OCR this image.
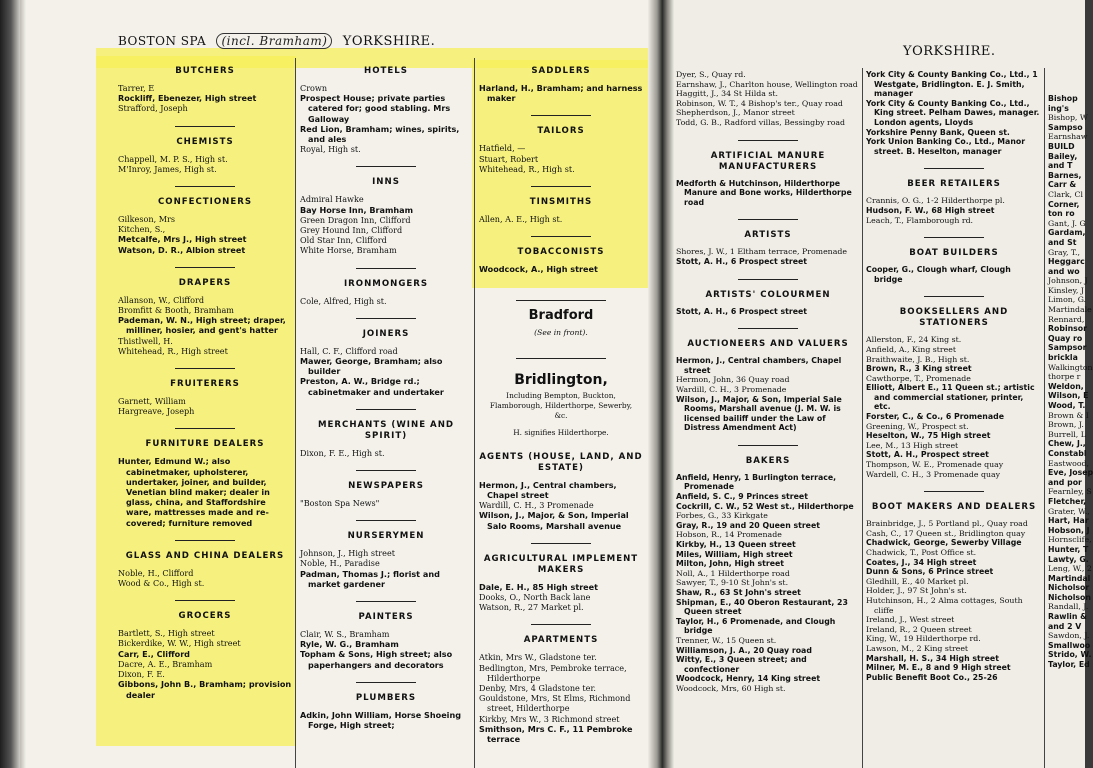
BOSTON SPA (incl. Bramham) YORKSHIRE.
BUTCHERS
Tarrer, E
Rockliff, Ebenezer, High street
Strafford, Joseph
CHEMISTS
Chappell, M. P. S., High st.
M'Inroy, James, High st.
CONFECTIONERS
Gilkeson, Mrs
Kitchen, S.,
Metcalfe, Mrs J., High street
Watson, D. R., Albion street
DRAPERS
Allanson, W., Clifford
Bromfitt & Booth, Bramham
Pademan, W. N., High street; draper, milliner, hosier, and gent's hatter
Thistlwell, H.
Whitehead, R., High street
FRUITERERS
Garnett, William
Hargreave, Joseph
FURNITURE DEALERS
Hunter, Edmund W.; also cabinetmaker, upholsterer, undertaker, joiner, and builder, Venetian blind maker; dealer in glass, china, and Staffordshire ware, mattresses made and re-covered; furniture removed
GLASS AND CHINA DEALERS
Noble, H., Clifford
Wood & Co., High st.
GROCERS
Bartlett, S., High street
Bickerdike, W. W., High street
Carr, E., Clifford
Dacre, A. E., Bramham
Dixon, F. E.
Gibbons, John B., Bramham; provision dealer
HOTELS
Crown
Prospect House; private parties catered for; good stabling. Mrs Galloway
Red Lion, Bramham; wines, spirits, and ales
Royal, High st.
INNS
Admiral Hawke
Bay Horse Inn, Bramham
Green Dragon Inn, Clifford
Grey Hound Inn, Clifford
Old Star Inn, Clifford
White Horse, Bramham
IRONMONGERS
Cole, Alfred, High st.
JOINERS
Hall, C. F., Clifford road
Mawer, George, Bramham; also builder
Preston, A. W., Bridge rd.; cabinetmaker and undertaker
MERCHANTS (WINE AND SPIRIT)
Dixon, F. E., High st.
NEWSPAPERS
"Boston Spa News"
NURSERYMEN
Johnson, J., High street
Noble, H., Paradise
Padman, Thomas J.; florist and market gardener
PAINTERS
Clair, W. S., Bramham
Ryle, W. G., Bramham
Topham & Sons, High street; also paperhangers and decorators
PLUMBERS
Adkin, John William, Horse Shoeing Forge, High street;
SADDLERS
Harland, H., Bramham; and harness maker
TAILORS
Hatfield, —
Stuart, Robert
Whitehead, R., High st.
TINSMITHS
Allen, A. E., High st.
TOBACCONISTS
Woodcock, A., High street
Bradford
(See in front).
Bridlington,
Including Bempton, Buckton, Flamborough, Hilderthorpe, Sewerby, &c.
H. signifies Hilderthorpe.
AGENTS (HOUSE, LAND, AND ESTATE)
Hermon, J., Central chambers, Chapel street
Wardill, C. H., 3 Promenade
Wilson, J., Major, & Son, Imperial Salo Rooms, Marshall avenue
AGRICULTURAL IMPLEMENT MAKERS
Dale, E. H., 85 High street
Dooks, O., North Back lane
Watson, R., 27 Market pl.
APARTMENTS
Atkin, Mrs W., Gladstone ter.
Bedlington, Mrs, Pembroke terrace, Hilderthorpe
Denby, Mrs, 4 Gladstone ter.
Gouldstone, Mrs, St Elms, Richmond street, Hilderthorpe
Kirkby, Mrs W., 3 Richmond street
Smithson, Mrs C. F., 11 Pembroke terrace
YORKSHIRE.
Dyer, S., Quay rd.
Earnshaw, J., Charlton house, Wellington road
Haggitt, J., 34 St Hilda st.
Robinson, W. T., 4 Bishop's ter., Quay road
Shepherdson, J., Manor street
Todd, G. B., Radford villas, Bessingby road
ARTIFICIAL MANURE MANUFACTURERS
Medforth & Hutchinson, Hilderthorpe Manure and Bone works, Hilderthorpe road
ARTISTS
Shores, J. W., 1 Eltham terrace, Promenade
Stott, A. H., 6 Prospect street
ARTISTS' COLOURMEN
Stott, A. H., 6 Prospect street
AUCTIONEERS AND VALUERS
Hermon, J., Central chambers, Chapel street
Hermon, John, 36 Quay road
Wardill, C. H., 3 Promenade
Wilson, J., Major, & Son, Imperial Sale Rooms, Marshall avenue (J. M. W. is licensed bailiff under the Law of Distress Amendment Act)
BAKERS
Anfield, Henry, 1 Burlington terrace, Promenade
Anfield, S. C., 9 Princes street
Cockrill, C. W., 52 West st., Hilderthorpe
Forbes, G., 33 Kirkgate
Gray, R., 19 and 20 Queen street
Hobson, R., 14 Promenade
Kirkby, H., 13 Queen street
Miles, William, High street
Milton, John, High street
Noll, A., 1 Hilderthorpe road
Sawyer, T., 9-10 St John's st.
Shaw, R., 63 St John's street
Shipman, E., 40 Oberon Restaurant, 23 Queen street
Taylor, H., 6 Promenade, and Clough bridge
Trenner, W., 15 Queen st.
Williamson, J. A., 20 Quay road
Witty, E., 3 Queen street; and confectioner
Woodcock, Henry, 14 King street
Woodcock, Mrs, 60 High st.
York City & County Banking Co., Ltd., 1 Westgate, Bridlington. E. J. Smith, manager
York City & County Banking Co., Ltd., King street. Pelham Dawes, manager. London agents, Lloyds
Yorkshire Penny Bank, Queen st.
York Union Banking Co., Ltd., Manor street. B. Heselton, manager
BEER RETAILERS
Crannis, O. G., 1-2 Hilderthorpe pl.
Hudson, F. W., 68 High street
Leach, T., Flamborough rd.
BOAT BUILDERS
Cooper, G., Clough wharf, Clough bridge
BOOKSELLERS AND STATIONERS
Allerston, F., 24 King st.
Anfield, A., King street
Braithwaite, J. B., High st.
Brown, R., 3 King street
Cawthorpe, T., Promenade
Elliott, Albert E., 11 Queen st.; artistic and commercial stationer, printer, etc.
Forster, C., & Co., 6 Promenade
Greening, W., Prospect st.
Heselton, W., 75 High street
Lee, M., 13 High street
Stott, A. H., Prospect street
Thompson, W. E., Promenade quay
Wardell, C. H., 3 Promenade quay
BOOT MAKERS AND DEALERS
Brainbridge, J., 5 Portland pl., Quay road
Cash, C., 17 Queen st., Bridlington quay
Chadwick, George, Sewerby Village
Chadwick, T., Post Office st.
Coates, J., 34 High street
Dunn & Sons, 6 Prince street
Gledhill, E., 40 Market pl.
Holder, J., 97 St John's st.
Hutchinson, H., 2 Alma cottages, South cliffe
Ireland, J., West street
Ireland, R., 2 Queen street
King, W., 19 Hilderthorpe rd.
Lawson, M., 2 King street
Marshall, H. S., 34 High street
Milner, M. E., 8 and 9 High street
Public Benefit Boot Co., 25-26
Bishop
ing's
Bishop, W
Sampso
Earnshaw
BUILD
Bailey,
and T
Barnes,
Carr &
Clark, Cl
Corner,
ton ro
Gant, J. G
Gardam,
and St
Gray, T.,
Heggarc
and wo
Johnson, J
Kinsley, J
Limon, G.
Martindale
Rennard,
Robinsor
Quay ro
Sampsor
brickla
Walkington
thorpe r
Weldon,
Wilson, E
Wood, T.
Brown & I
Brown, J.
Burrell, L
Chew, J.,
Constabl
Eastwood,
Eve, Josep
and por
Fearnley, S
Fletcher,
Grater, W.,
Hart, Har
Hobson, J
Hornsclife,
Hunter, T
Lawty, G.
Leng, W., 2
Martindal
Nicholsor
Nicholson
Randall, J.
Rawlin &
and 2 V
Sawdon, J.
Smallwoo
Strido, W.
Taylor, Ed
